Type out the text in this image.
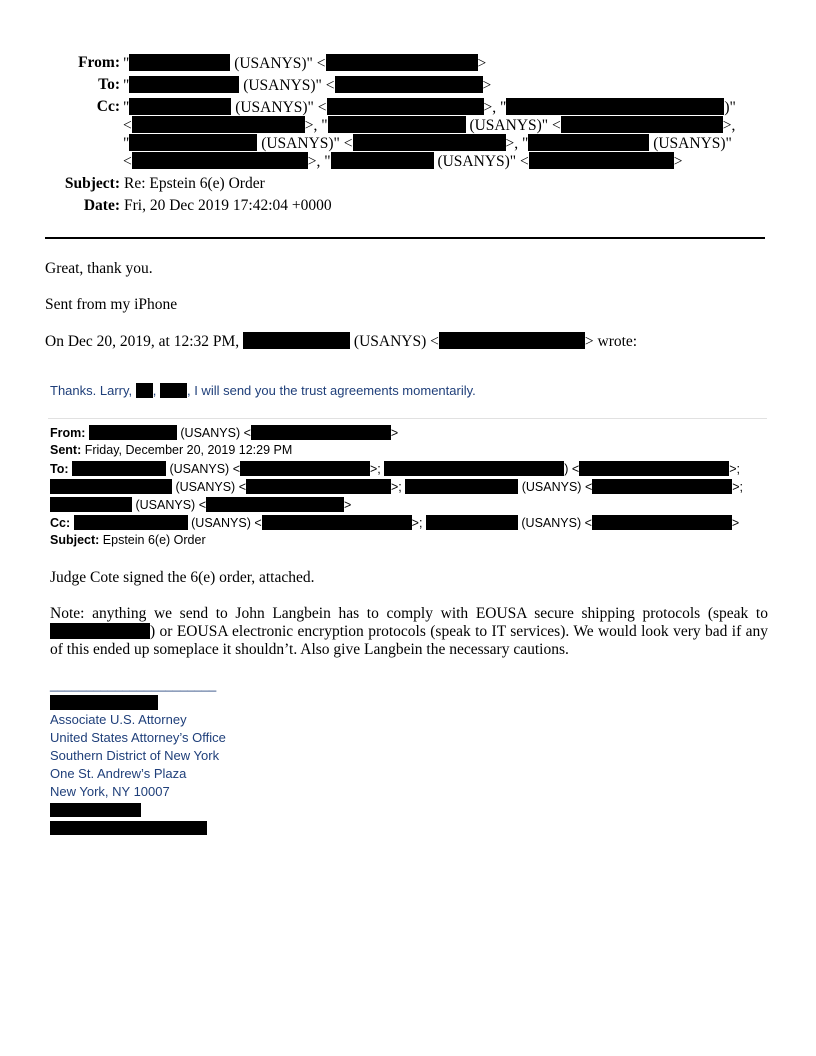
From: "	(USANYS)" <	>
To: "	(USANYS)" <	>
Cc: "	(USANYS)" <	>, "	)"
<	>, "	(USANYS)" <	>,
"	(USANYS)" <	>, "	(USANYS)"
<	>, "	(USANYS)" <	>
Subject: Re: Epstein 6(e) Order
Date: Fri, 20 Dec 2019 17:42:04 +0000
Great, thank you.
Sent from my iPhone
On Dec 20, 2019, at 12:32 PM,	(USANYS) <	> wrote:
Thanks. Larry, , , I will send you the trust agreements momentarily.
From:	(USANYS) <	>
Sent: Friday, December 20, 2019 12:29 PM
To:	(USANYS) <	>;	) <	>;
(USANYS) <	>;	(USANYS) <	>;
(USANYS) <	>
Cc:	(USANYS) <	>;	(USANYS) <	>
Subject: Epstein 6(e) Order
Judge Cote signed the 6(e) order, attached.
Note: anything we send to John Langbein has to comply with EOUSA secure shipping protocols (speak to ) or EOUSA electronic encryption protocols (speak to IT services). We would look very bad if any of this ended up someplace it shouldn’t. Also give Langbein the necessary cautions.
_______________________
Associate U.S. Attorney
United States Attorney’s Office
Southern District of New York
One St. Andrew’s Plaza
New York, NY 10007
